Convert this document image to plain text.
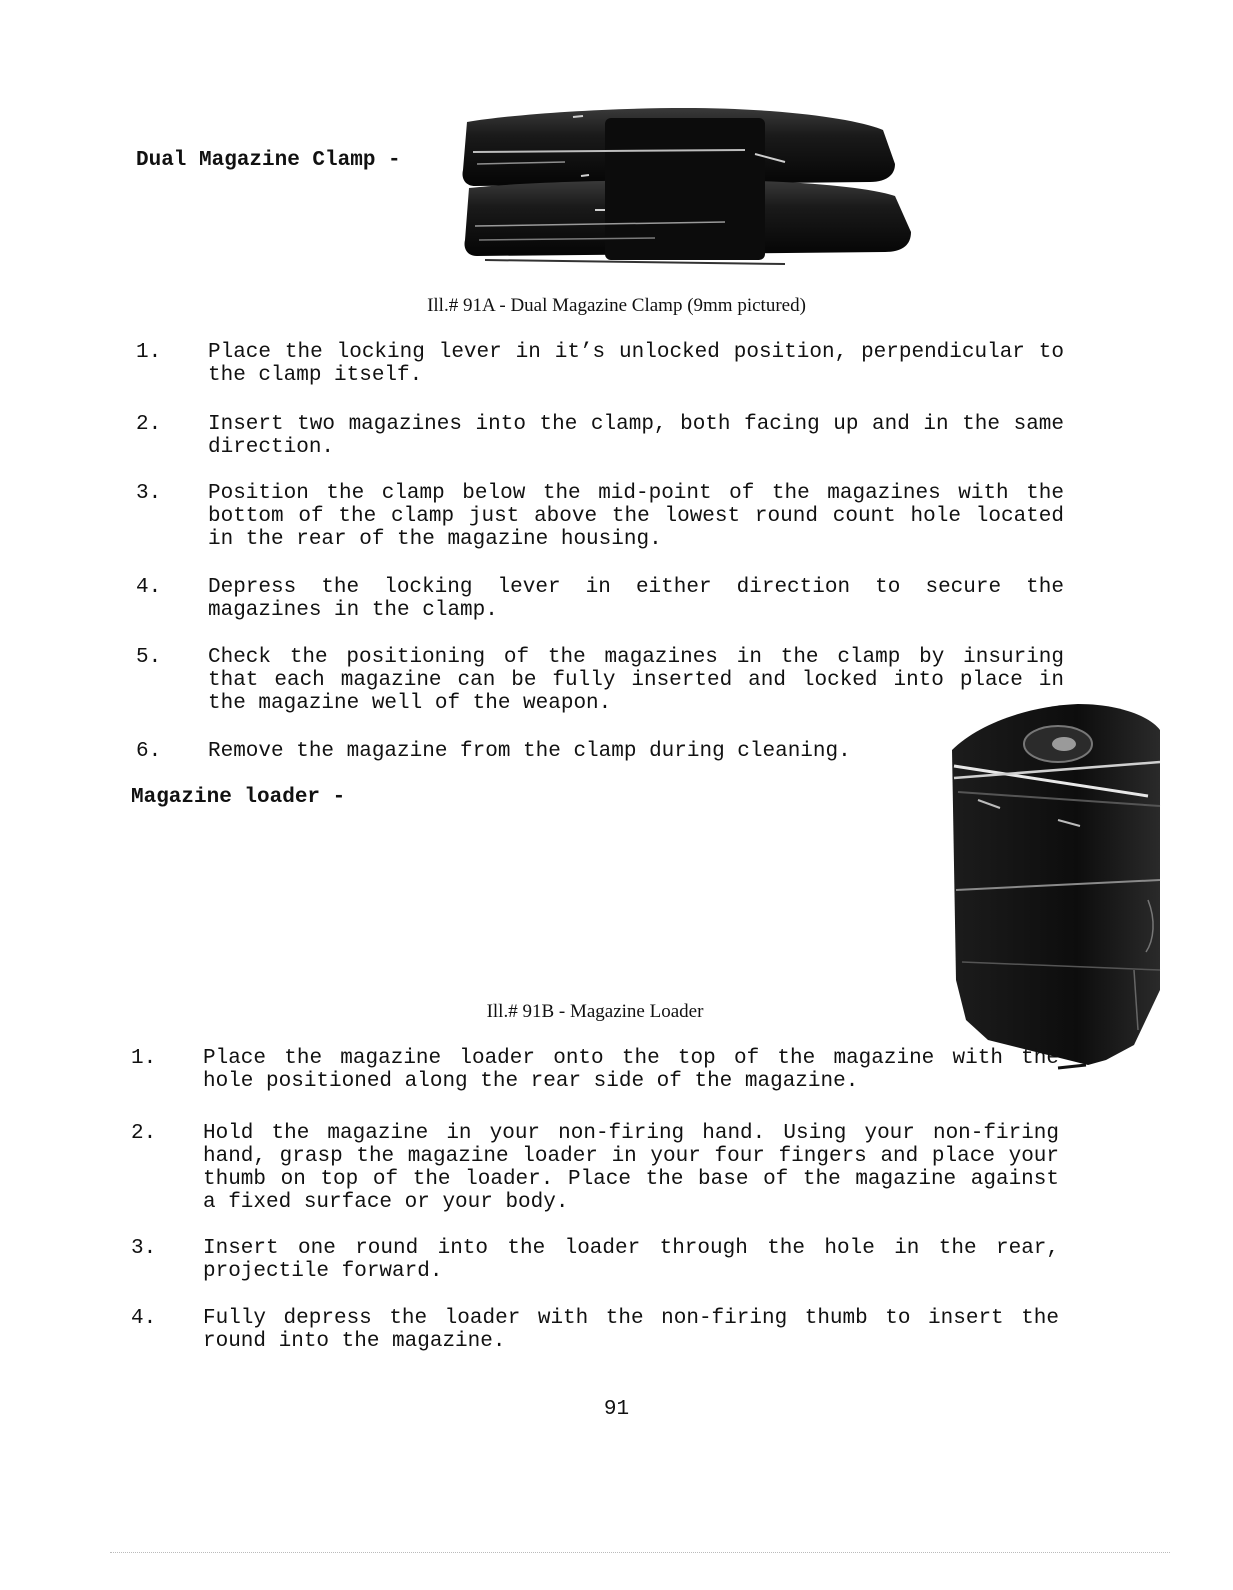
Dual Magazine Clamp -
Ill.# 91A - Dual Magazine Clamp (9mm pictured)
1. Place the locking lever in it’s unlocked position, perpendicular to the clamp itself.
2. Insert two magazines into the clamp, both facing up and in the same direction.
3. Position the clamp below the mid-point of the magazines with the bottom of the clamp just above the lowest round count hole located in the rear of the magazine housing.
4. Depress the locking lever in either direction to secure the magazines in the clamp.
5. Check the positioning of the magazines in the clamp by insuring that each magazine can be fully inserted and locked into place in the magazine well of the weapon.
6. Remove the magazine from the clamp during cleaning.
Magazine loader -
Ill.# 91B - Magazine Loader
1. Place the magazine loader onto the top of the magazine with the hole positioned along the rear side of the magazine.
2. Hold the magazine in your non-firing hand. Using your non-firing hand, grasp the magazine loader in your four fingers and place your thumb on top of the loader. Place the base of the magazine against a fixed surface or your body.
3. Insert one round into the loader through the hole in the rear, projectile forward.
4. Fully depress the loader with the non-firing thumb to insert the round into the magazine.
91
